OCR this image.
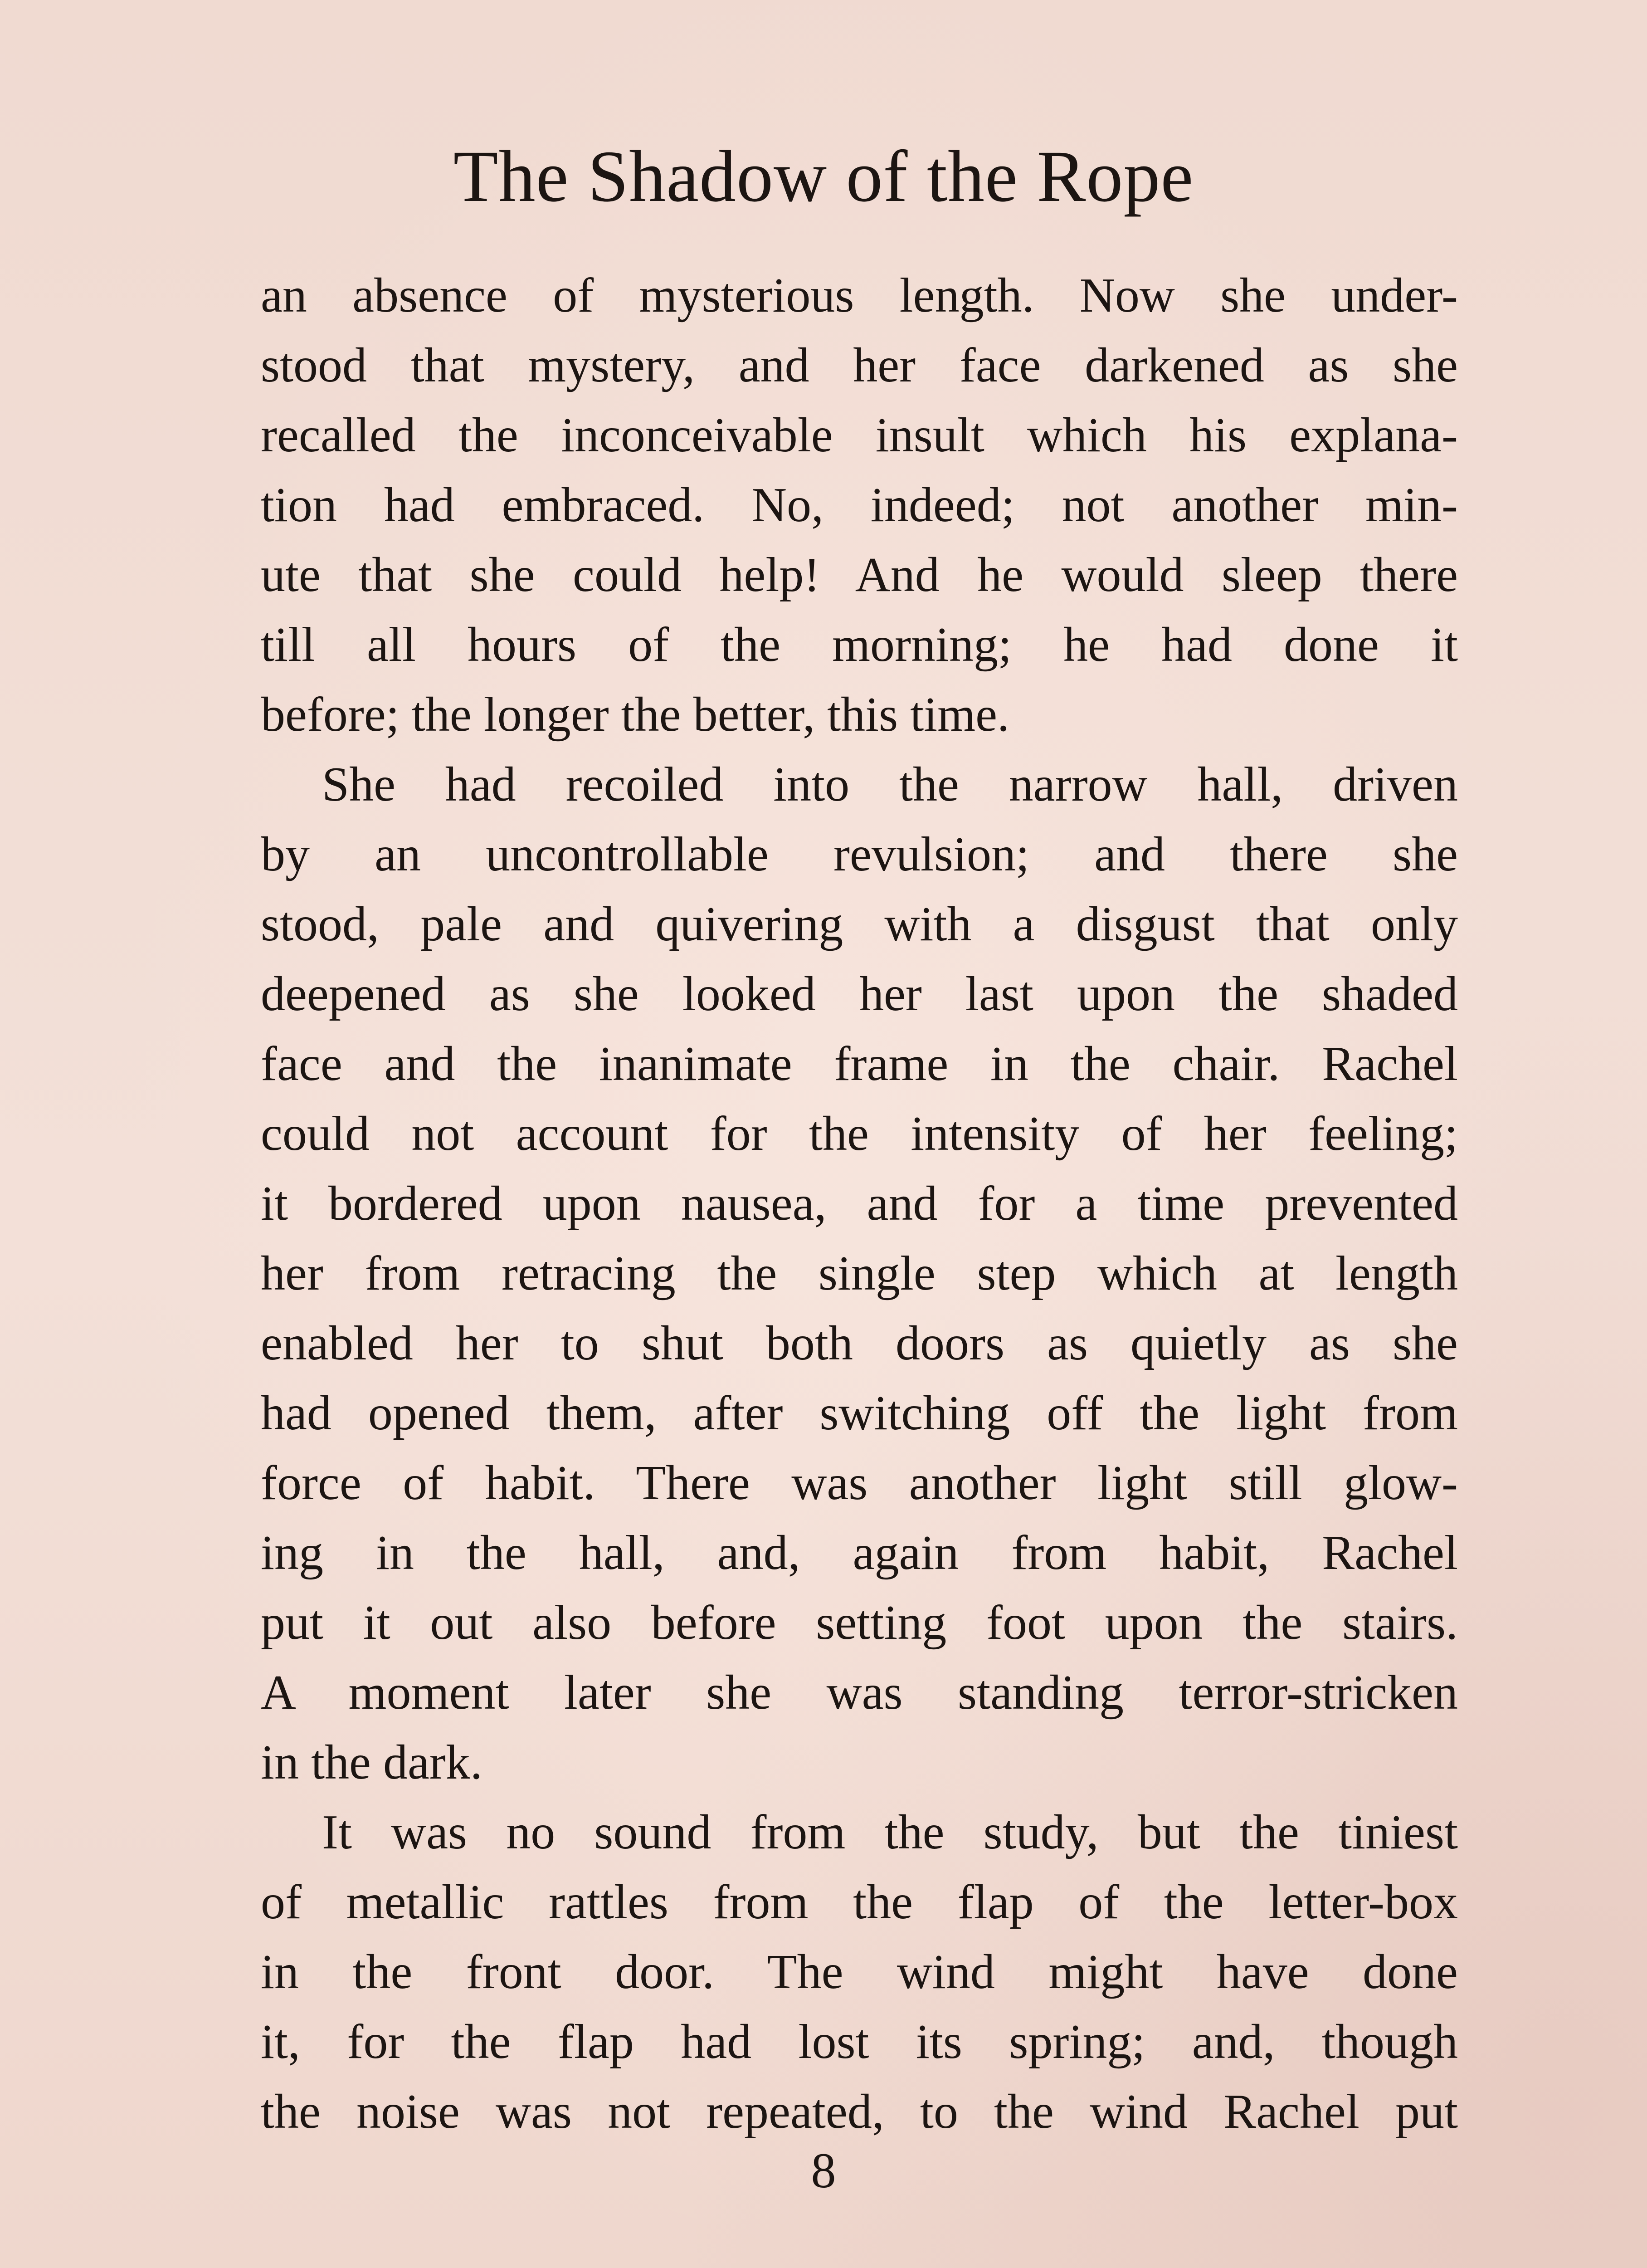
The Shadow of the Rope
an absence of mysterious length. Now she under-
stood that mystery, and her face darkened as she
recalled the inconceivable insult which his explana-
tion had embraced. No, indeed; not another min-
ute that she could help! And he would sleep there
till all hours of the morning; he had done it
before; the longer the better, this time.
She had recoiled into the narrow hall, driven
by an uncontrollable revulsion; and there she
stood, pale and quivering with a disgust that only
deepened as she looked her last upon the shaded
face and the inanimate frame in the chair. Rachel
could not account for the intensity of her feeling;
it bordered upon nausea, and for a time prevented
her from retracing the single step which at length
enabled her to shut both doors as quietly as she
had opened them, after switching off the light from
force of habit. There was another light still glow-
ing in the hall, and, again from habit, Rachel
put it out also before setting foot upon the stairs.
A moment later she was standing terror-stricken
in the dark.
It was no sound from the study, but the tiniest
of metallic rattles from the flap of the letter-box
in the front door. The wind might have done
it, for the flap had lost its spring; and, though
the noise was not repeated, to the wind Rachel put
8
